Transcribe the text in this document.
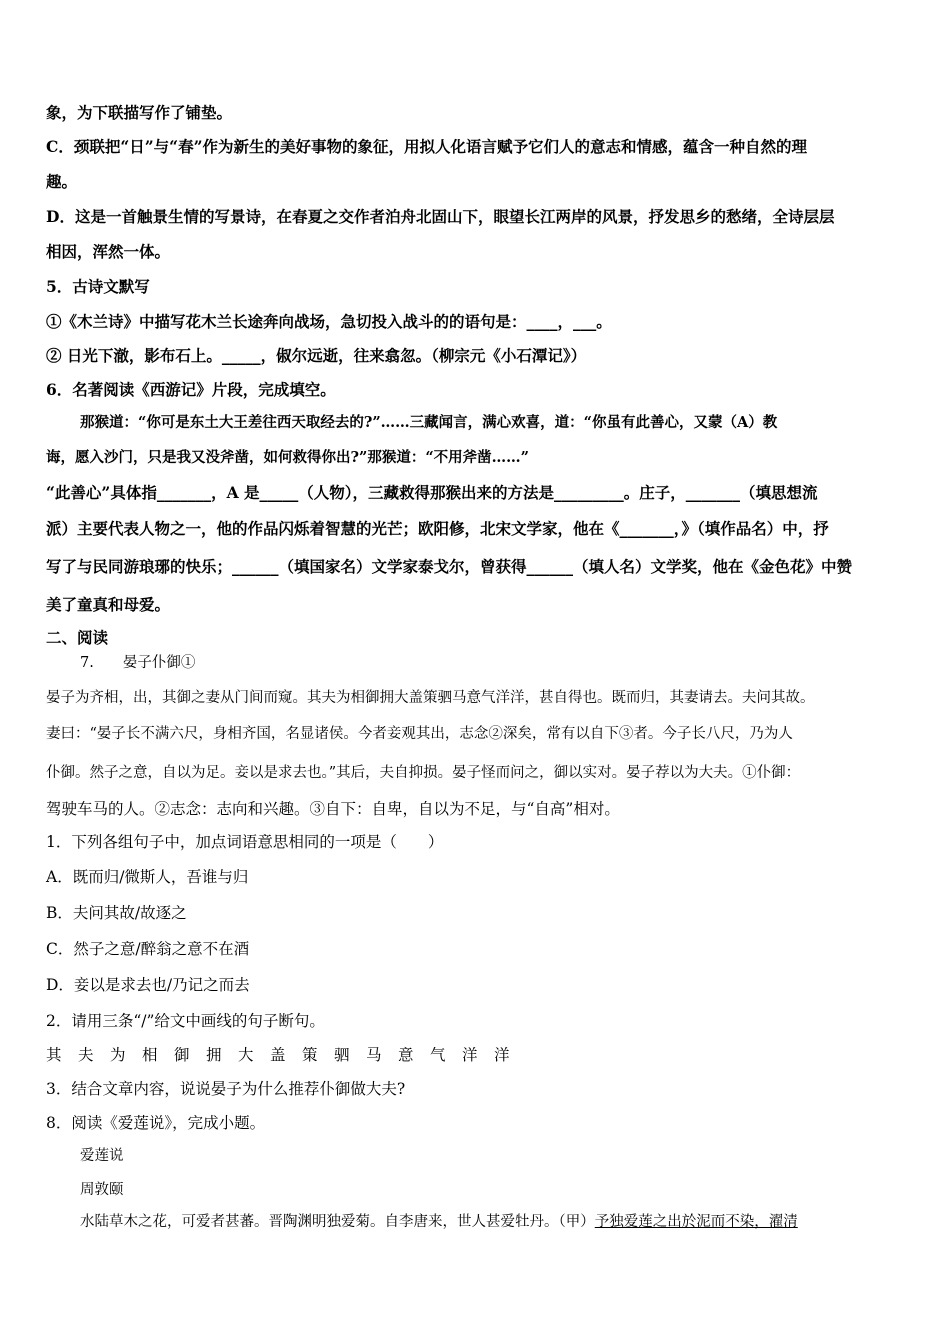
象，为下联描写作了铺垫。
C．颈联把“日”与“春”作为新生的美好事物的象征，用拟人化语言赋予它们人的意志和情感，蕴含一种自然的理
趣。
D．这是一首触景生情的写景诗，在春夏之交作者泊舟北固山下，眼望长江两岸的风景，抒发思乡的愁绪，全诗层层
相因，浑然一体。
5．古诗文默写
①《木兰诗》中描写花木兰长途奔向战场，急切投入战斗的的语句是：____，___。
② 日光下澈，影布石上。_____，俶尔远逝，往来翕忽。（柳宗元《小石潭记》）
6．名著阅读《西游记》片段，完成填空。
那猴道：“你可是东土大王差往西天取经去的?”……三藏闻言，满心欢喜，道：“你虽有此善心，又蒙（A）教
诲，愿入沙门，只是我又没斧凿，如何救得你出?”那猴道：“不用斧凿……”
“此善心”具体指_______，A 是_____（人物），三藏救得那猴出来的方法是_________。庄子，_______（填思想流
派）主要代表人物之一，他的作品闪烁着智慧的光芒；欧阳修，北宋文学家，他在《_______，》（填作品名）中，抒
写了与民同游琅琊的快乐；______（填国家名）文学家泰戈尔，曾获得______（填人名）文学奖，他在《金色花》中赞
美了童真和母爱。
二、阅读
7.　　晏子仆御①
晏子为齐相，出，其御之妻从门间而窥。其夫为相御拥大盖策驷马意气洋洋，甚自得也。既而归，其妻请去。夫问其故。
妻曰：“晏子长不满六尺，身相齐国，名显诸侯。今者妾观其出，志念②深矣，常有以自下③者。今子长八尺，乃为人
仆御。然子之意，自以为足。妾以是求去也。”其后，夫自抑损。晏子怪而问之，御以实对。晏子荐以为大夫。①仆御：
驾驶车马的人。②志念：志向和兴趣。③自下：自卑，自以为不足，与“自高”相对。
1．下列各组句子中，加点词语意思相同的一项是（　　）
A．既而归/微斯人，吾谁与归
B．夫问其故/故逐之
C．然子之意/醉翁之意不在酒
D．妾以是求去也/乃记之而去
2．请用三条“/”给文中画线的句子断句。
其夫为相御拥大盖策驷马意气洋洋
3．结合文章内容，说说晏子为什么推荐仆御做大夫?
8．阅读《爱莲说》，完成小题。
爱莲说
周敦颐
水陆草木之花，可爱者甚蕃。晋陶渊明独爱菊。自李唐来，世人甚爱牡丹。（甲）予独爱莲之出於泥而不染，濯清
